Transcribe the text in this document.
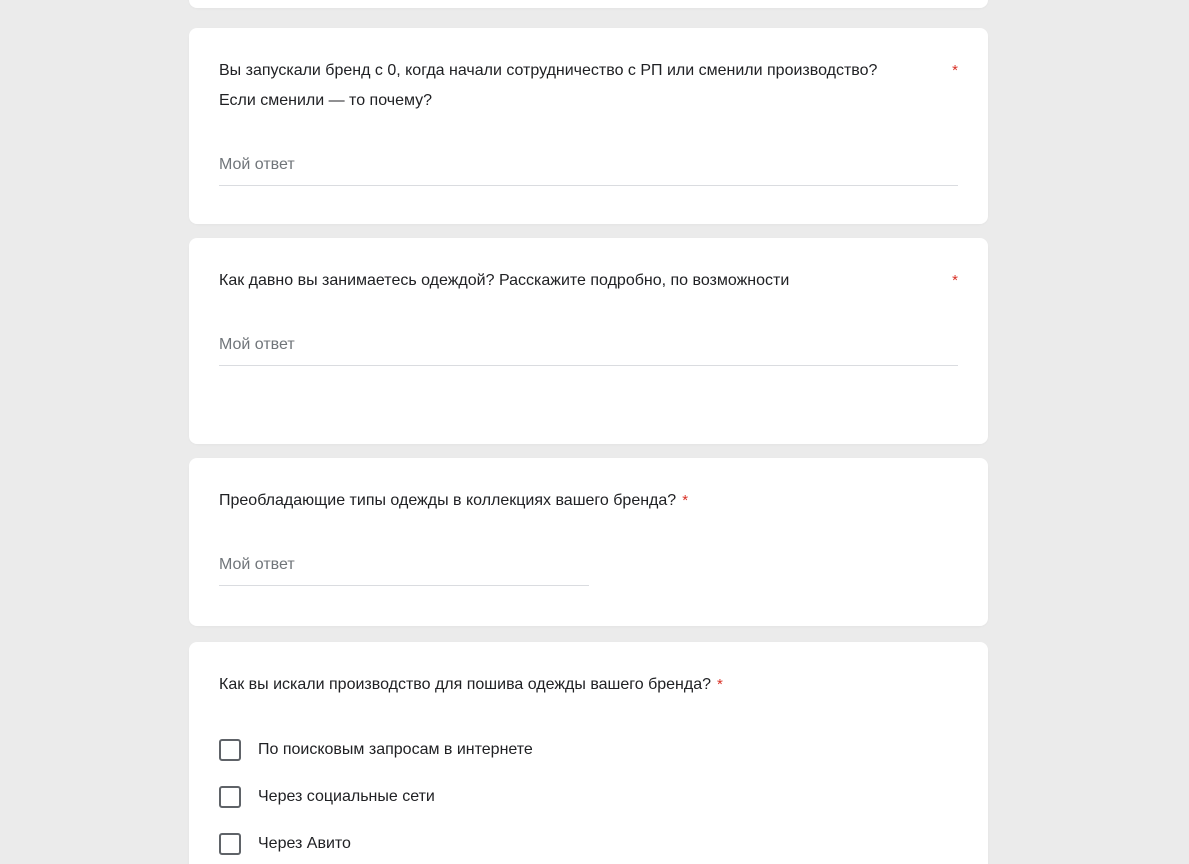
Вы запускали бренд с 0, когда начали сотрудничество с РП или сменили производство? Если сменили — то почему?
*
Мой ответ
Как давно вы занимаетесь одеждой? Расскажите подробно, по возможности	*
Мой ответ
Преобладающие типы одежды в коллекциях вашего бренда? *
Мой ответ
Как вы искали производство для пошива одежды вашего бренда? *
По поисковым запросам в интернете
Через социальные сети
Через Авито
